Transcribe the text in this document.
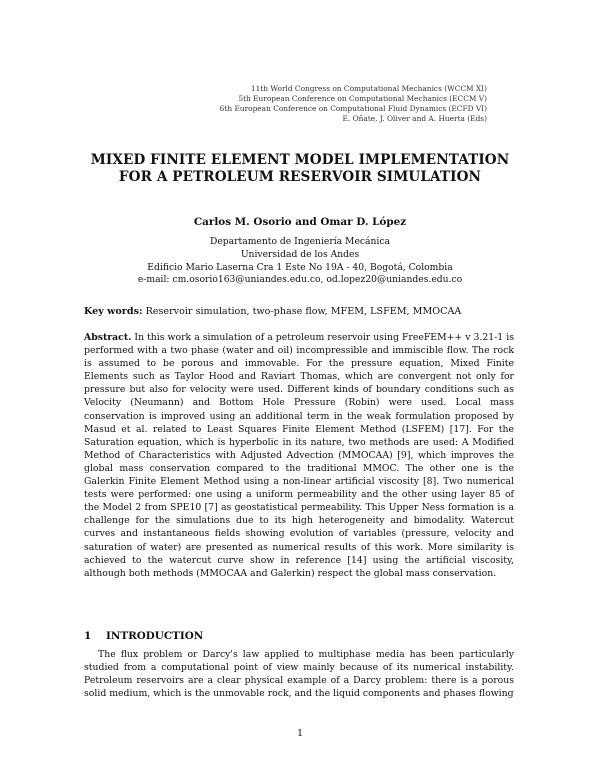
11th World Congress on Computational Mechanics (WCCM XI)
5th European Conference on Computational Mechanics (ECCM V)
6th European Conference on Computational Fluid Dynamics (ECFD VI)
E. Oñate, J. Oliver and A. Huerta (Eds)
MIXED FINITE ELEMENT MODEL IMPLEMENTATION
FOR A PETROLEUM RESERVOIR SIMULATION
Carlos M. Osorio and Omar D. López
Departamento de Ingeniería Mecánica
Universidad de los Andes
Edificio Mario Laserna Cra 1 Este No 19A - 40, Bogotá, Colombia
e-mail: cm.osorio163@uniandes.edu.co, od.lopez20@uniandes.edu.co
Key words: Reservoir simulation, two-phase flow, MFEM, LSFEM, MMOCAA
Abstract. In this work a simulation of a petroleum reservoir using FreeFEM++ v 3.21-1 is performed with a two phase (water and oil) incompressible and immiscible flow. The rock is assumed to be porous and immovable. For the pressure equation, Mixed Finite Elements such as Taylor Hood and Raviart Thomas, which are convergent not only for pressure but also for velocity were used. Different kinds of boundary conditions such as Velocity (Neumann) and Bottom Hole Pressure (Robin) were used. Local mass conservation is improved using an additional term in the weak formulation proposed by Masud et al. related to Least Squares Finite Element Method (LSFEM) [17]. For the Saturation equation, which is hyperbolic in its nature, two methods are used: A Modified Method of Characteristics with Adjusted Advection (MMOCAA) [9], which improves the global mass conservation compared to the traditional MMOC. The other one is the Galerkin Finite Element Method using a non-linear artificial viscosity [8]. Two numerical tests were performed: one using a uniform permeability and the other using layer 85 of the Model 2 from SPE10 [7] as geostatistical permeability. This Upper Ness formation is a challenge for the simulations due to its high heterogeneity and bimodality. Watercut curves and instantaneous fields showing evolution of variables (pressure, velocity and saturation of water) are presented as numerical results of this work. More similarity is achieved to the watercut curve show in reference [14] using the artificial viscosity, although both methods (MMOCAA and Galerkin) respect the global mass conservation.
1 INTRODUCTION

The flux problem or Darcy's law applied to multiphase media has been particularly studied from a computational point of view mainly because of its numerical instability. Petroleum reservoirs are a clear physical example of a Darcy problem: there is a porous solid medium, which is the unmovable rock, and the liquid components and phases flowing

1
